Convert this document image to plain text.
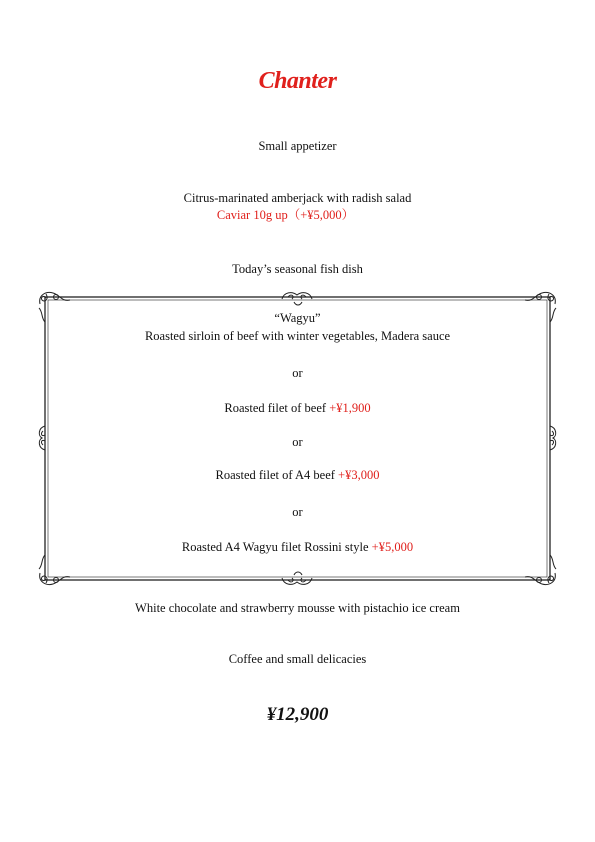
Chanter
Small appetizer
Citrus-marinated amberjack with radish salad
Caviar 10g up（+¥5,000）
Today’s seasonal fish dish
“Wagyu”
Roasted sirloin of beef with winter vegetables, Madera sauce
or
Roasted filet of beef +¥1,900
or
Roasted filet of A4 beef +¥3,000
or
Roasted A4 Wagyu filet Rossini style +¥5,000
White chocolate and strawberry mousse with pistachio ice cream
Coffee and small delicacies
¥12,900
